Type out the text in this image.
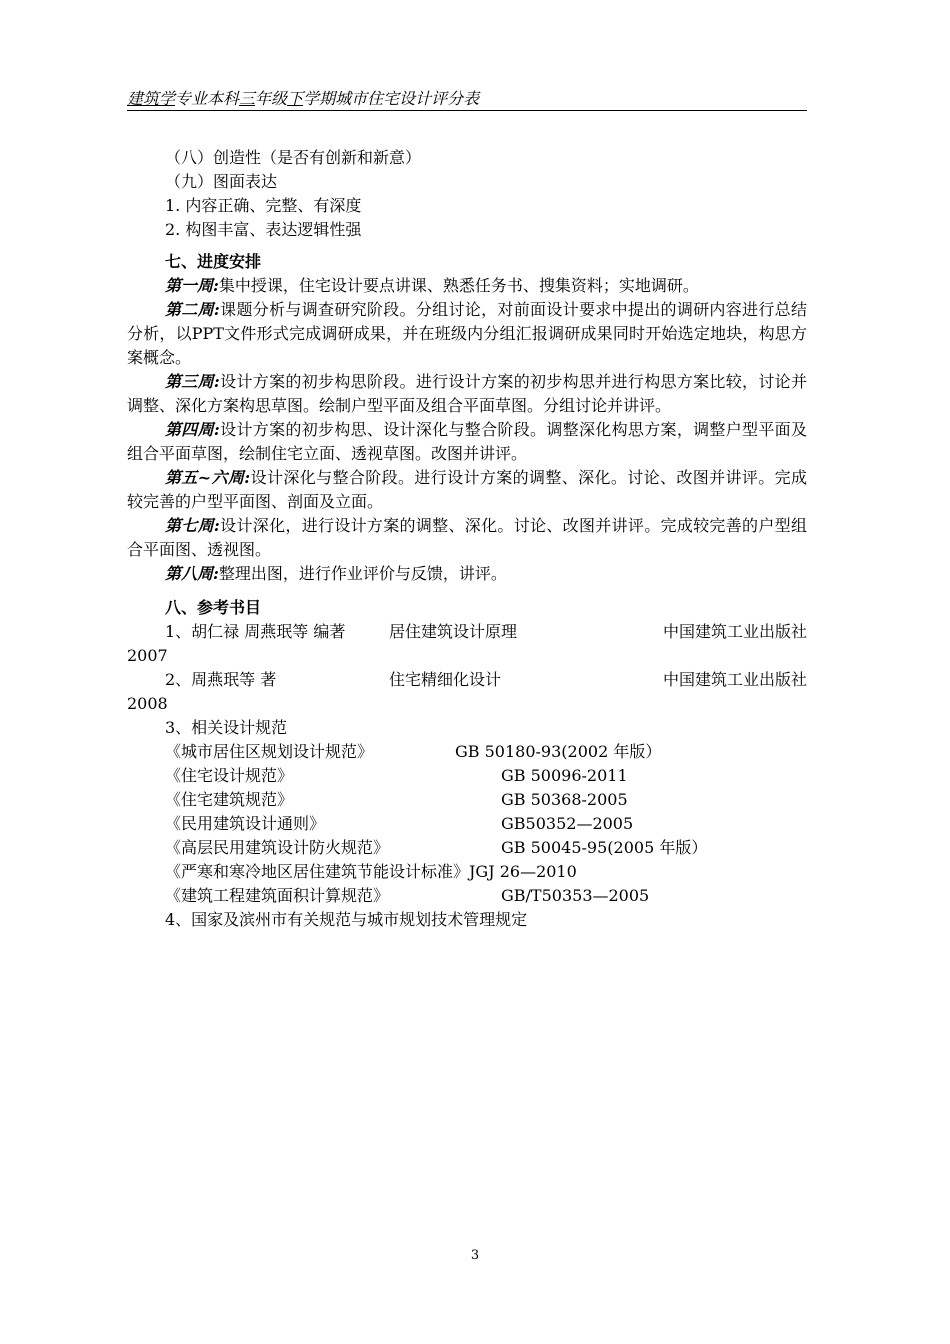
建筑学专业本科三年级下学期城市住宅设计评分表
（八）创造性（是否有创新和新意）
（九）图面表达
1. 内容正确、完整、有深度
2. 构图丰富、表达逻辑性强
七、进度安排
第一周:集中授课，住宅设计要点讲课、熟悉任务书、搜集资料；实地调研。
第二周:课题分析与调查研究阶段。分组讨论，对前面设计要求中提出的调研内容进行总结分析，以PPT文件形式完成调研成果，并在班级内分组汇报调研成果同时开始选定地块，构思方案概念。
第三周:设计方案的初步构思阶段。进行设计方案的初步构思并进行构思方案比较，讨论并调整、深化方案构思草图。绘制户型平面及组合平面草图。分组讨论并讲评。
第四周:设计方案的初步构思、设计深化与整合阶段。调整深化构思方案，调整户型平面及组合平面草图，绘制住宅立面、透视草图。改图并讲评。
第五~六周:设计深化与整合阶段。进行设计方案的调整、深化。讨论、改图并讲评。完成较完善的户型平面图、剖面及立面。
第七周:设计深化，进行设计方案的调整、深化。讨论、改图并讲评。完成较完善的户型组合平面图、透视图。
第八周:整理出图，进行作业评价与反馈，讲评。
八、参考书目
1、胡仁禄 周燕珉等 编著	居住建筑设计原理	中国建筑工业出版社
2007
2、周燕珉等 著	住宅精细化设计	中国建筑工业出版社
2008
3、相关设计规范
《城市居住区规划设计规范》	GB 50180-93(2002 年版）
《住宅设计规范》	GB 50096-2011
《住宅建筑规范》	GB 50368-2005
《民用建筑设计通则》	GB50352—2005
《高层民用建筑设计防火规范》	GB 50045-95(2005 年版）
《严寒和寒冷地区居住建筑节能设计标准》 JGJ 26—2010
《建筑工程建筑面积计算规范》	GB/T50353—2005
4、国家及滨州市有关规范与城市规划技术管理规定
3
